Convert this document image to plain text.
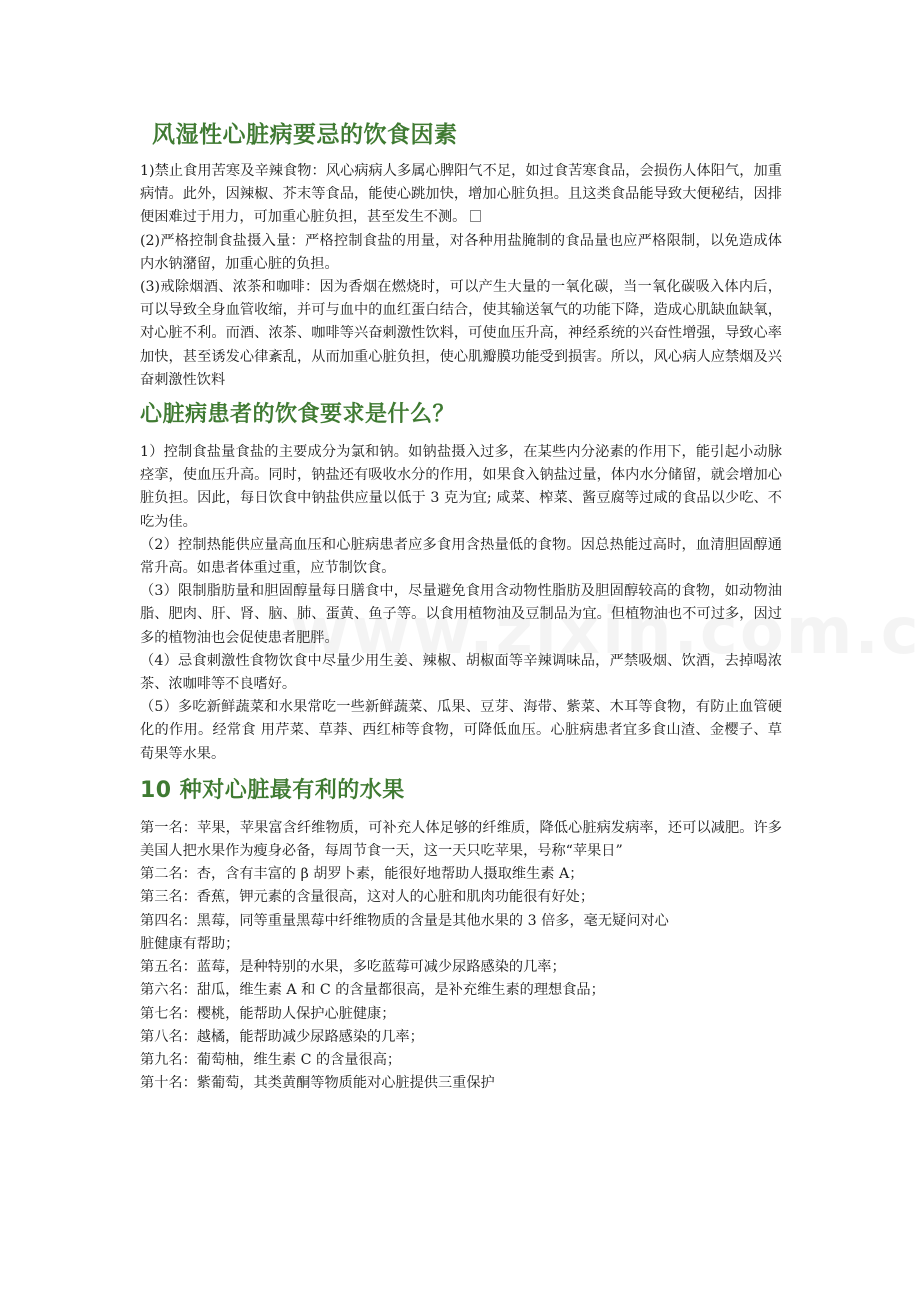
风湿性心脏病要忌的饮食因素

1)禁止食用苦寒及辛辣食物：风心病病人多属心脾阳气不足，如过食苦寒食品，会损伤人体阳气，加重病情。此外，因辣椒、芥末等食品，能使心跳加快，增加心脏负担。且这类食品能导致大便秘结，因排便困难过于用力，可加重心脏负担，甚至发生不测。

(2)严格控制食盐摄入量：严格控制食盐的用量，对各种用盐腌制的食品量也应严格限制，以免造成体内水钠潴留，加重心脏的负担。

(3)戒除烟酒、浓茶和咖啡：因为香烟在燃烧时，可以产生大量的一氧化碳，当一氧化碳吸入体内后，可以导致全身血管收缩，并可与血中的血红蛋白结合，使其输送氧气的功能下降，造成心肌缺血缺氧，对心脏不利。而酒、浓茶、咖啡等兴奋刺激性饮料，可使血压升高，神经系统的兴奋性增强，导致心率加快，甚至诱发心律紊乱，从而加重心脏负担，使心肌瓣膜功能受到损害。所以，风心病人应禁烟及兴奋刺激性饮料

心脏病患者的饮食要求是什么？

1）控制食盐量食盐的主要成分为氯和钠。如钠盐摄入过多，在某些内分泌素的作用下，能引起小动脉痉挛，使血压升高。同时，钠盐还有吸收水分的作用，如果食入钠盐过量，体内水分储留，就会增加心脏负担。因此，每日饮食中钠盐供应量以低于 3 克为宜; 咸菜、榨菜、酱豆腐等过咸的食品以少吃、不吃为佳。

（2）控制热能供应量高血压和心脏病患者应多食用含热量低的食物。因总热能过高时，血清胆固醇通常升高。如患者体重过重，应节制饮食。

（3）限制脂肪量和胆固醇量每日膳食中，尽量避免食用含动物性脂肪及胆固醇较高的食物，如动物油脂、肥肉、肝、肾、脑、肺、蛋黄、鱼子等。以食用植物油及豆制品为宜。但植物油也不可过多，因过多的植物油也会促使患者肥胖。

（4）忌食刺激性食物饮食中尽量少用生姜、辣椒、胡椒面等辛辣调味品，严禁吸烟、饮酒，去掉喝浓茶、浓咖啡等不良嗜好。

（5）多吃新鲜蔬菜和水果常吃一些新鲜蔬菜、瓜果、豆芽、海带、紫菜、木耳等食物，有防止血管硬化的作用。经常食 用芹菜、草莽、西红柿等食物，可降低血压。心脏病患者宜多食山渣、金樱子、草荀果等水果。

10 种对心脏最有利的水果

第一名：苹果，苹果富含纤维物质，可补充人体足够的纤维质，降低心脏病发病率，还可以减肥。许多美国人把水果作为瘦身必备，每周节食一天，这一天只吃苹果，号称“苹果日”

第二名：杏，含有丰富的 β 胡罗卜素，能很好地帮助人摄取维生素 A；

第三名：香蕉，钾元素的含量很高，这对人的心脏和肌肉功能很有好处；

第四名：黑莓，同等重量黑莓中纤维物质的含量是其他水果的 3 倍多，毫无疑问对心

脏健康有帮助；

第五名：蓝莓，是种特别的水果，多吃蓝莓可减少尿路感染的几率；

第六名：甜瓜，维生素 A 和 C 的含量都很高，是补充维生素的理想食品；

第七名：樱桃，能帮助人保护心脏健康；

第八名：越橘，能帮助减少尿路感染的几率；

第九名：葡萄柚，维生素 C 的含量很高；

第十名：紫葡萄，其类黄酮等物质能对心脏提供三重保护
